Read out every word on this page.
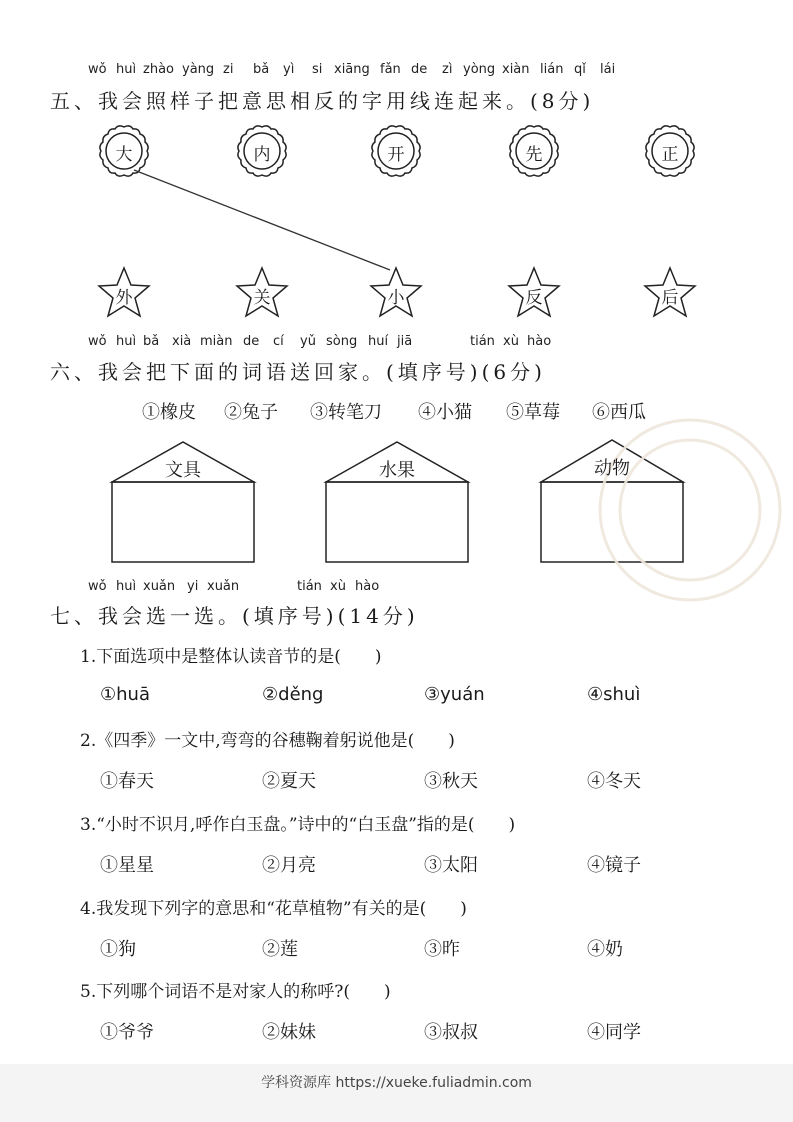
wǒ huì zhào yàng zi bǎ yì si xiāng fǎn de zì yòng xiàn lián qǐ lái
五、我会照样子把意思相反的字用线连起来。(8分)
大	内	开	先	正
外	关	小	反	后
wǒ huì bǎ xià miàn de cí yǔ sòng huí jiā	tián xù hào
六、我会把下面的词语送回家。(填序号)(6分)
①橡皮 ②兔子 ③转笔刀 ④小猫 ⑤草莓 ⑥西瓜
文具	水果	动物
wǒ huì xuǎn yi xuǎn	tián xù hào
七、我会选一选。(填序号)(14分)
1.下面选项中是整体认读音节的是(　　)
①huā	②děng	③yuán	④shuì
2.《四季》一文中,弯弯的谷穗鞠着躬说他是(　　)
①春天	②夏天	③秋天	④冬天
3.“小时不识月,呼作白玉盘。”诗中的“白玉盘”指的是(　　)
①星星	②月亮	③太阳	④镜子
4.我发现下列字的意思和“花草植物”有关的是(　　)
①狗	②莲	③昨	④奶
5.下列哪个词语不是对家人的称呼?(　　)
①爷爷	②妹妹	③叔叔	④同学
学科资源库 https://xueke.fuliadmin.com
